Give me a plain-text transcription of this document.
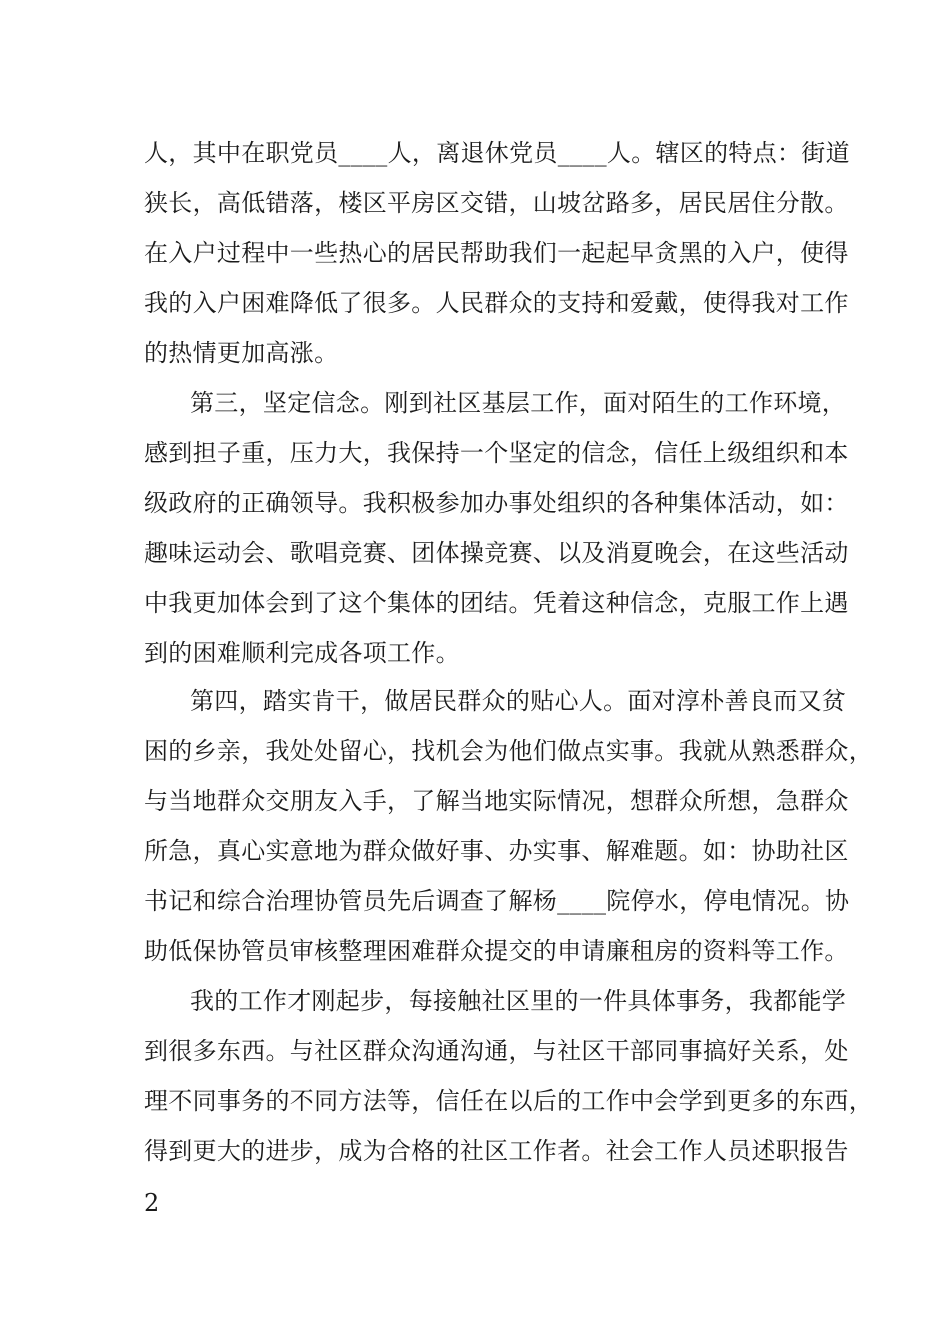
人，其中在职党员____人，离退休党员____人。辖区的特点：街道
狭长，高低错落，楼区平房区交错，山坡岔路多，居民居住分散。
在入户过程中一些热心的居民帮助我们一起起早贪黑的入户，使得
我的入户困难降低了很多。人民群众的支持和爱戴，使得我对工作
的热情更加高涨。
第三，坚定信念。刚到社区基层工作，面对陌生的工作环境，
感到担子重，压力大，我保持一个坚定的信念，信任上级组织和本
级政府的正确领导。我积极参加办事处组织的各种集体活动，如：
趣味运动会、歌唱竞赛、团体操竞赛、以及消夏晚会，在这些活动
中我更加体会到了这个集体的团结。凭着这种信念，克服工作上遇
到的困难顺利完成各项工作。
第四，踏实肯干，做居民群众的贴心人。面对淳朴善良而又贫
困的乡亲，我处处留心，找机会为他们做点实事。我就从熟悉群众，
与当地群众交朋友入手，了解当地实际情况，想群众所想，急群众
所急，真心实意地为群众做好事、办实事、解难题。如：协助社区
书记和综合治理协管员先后调查了解杨____院停水，停电情况。协
助低保协管员审核整理困难群众提交的申请廉租房的资料等工作。
我的工作才刚起步，每接触社区里的一件具体事务，我都能学
到很多东西。与社区群众沟通沟通，与社区干部同事搞好关系，处
理不同事务的不同方法等，信任在以后的工作中会学到更多的东西，
得到更大的进步，成为合格的社区工作者。社会工作人员述职报告
2
